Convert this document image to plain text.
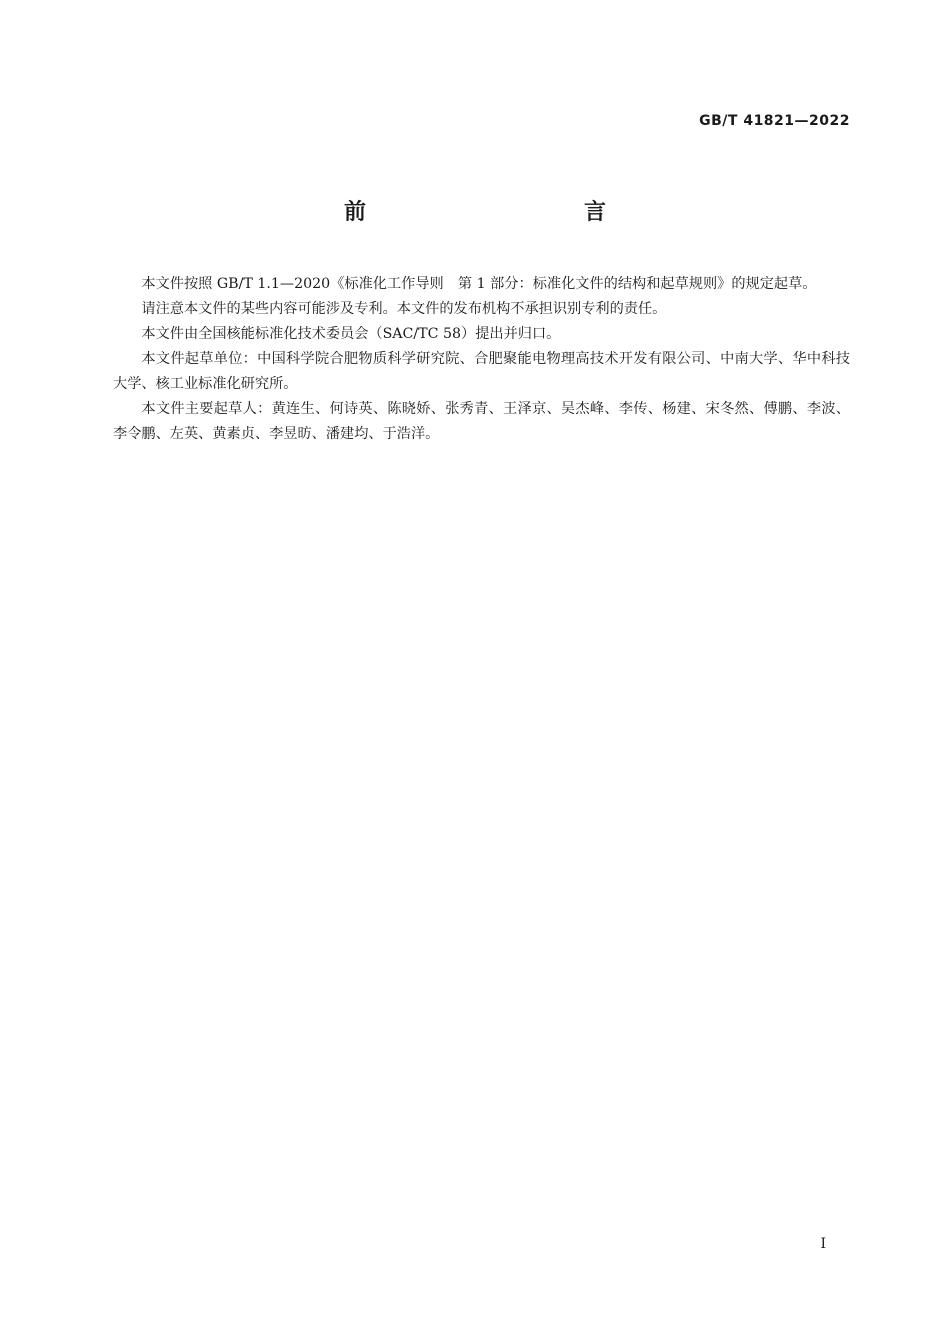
GB/T 41821—2022
前　　言

本文件按照 GB/T 1.1—2020《标准化工作导则　第 1 部分：标准化文件的结构和起草规则》的规定起草。

请注意本文件的某些内容可能涉及专利。本文件的发布机构不承担识别专利的责任。

本文件由全国核能标准化技术委员会（SAC/TC 58）提出并归口。

本文件起草单位：中国科学院合肥物质科学研究院、合肥聚能电物理高技术开发有限公司、中南大学、华中科技大学、核工业标准化研究所。

本文件主要起草人：黄连生、何诗英、陈晓娇、张秀青、王泽京、吴杰峰、李传、杨建、宋冬然、傅鹏、李波、李令鹏、左英、黄素贞、李昱昉、潘建均、于浩洋。

I
